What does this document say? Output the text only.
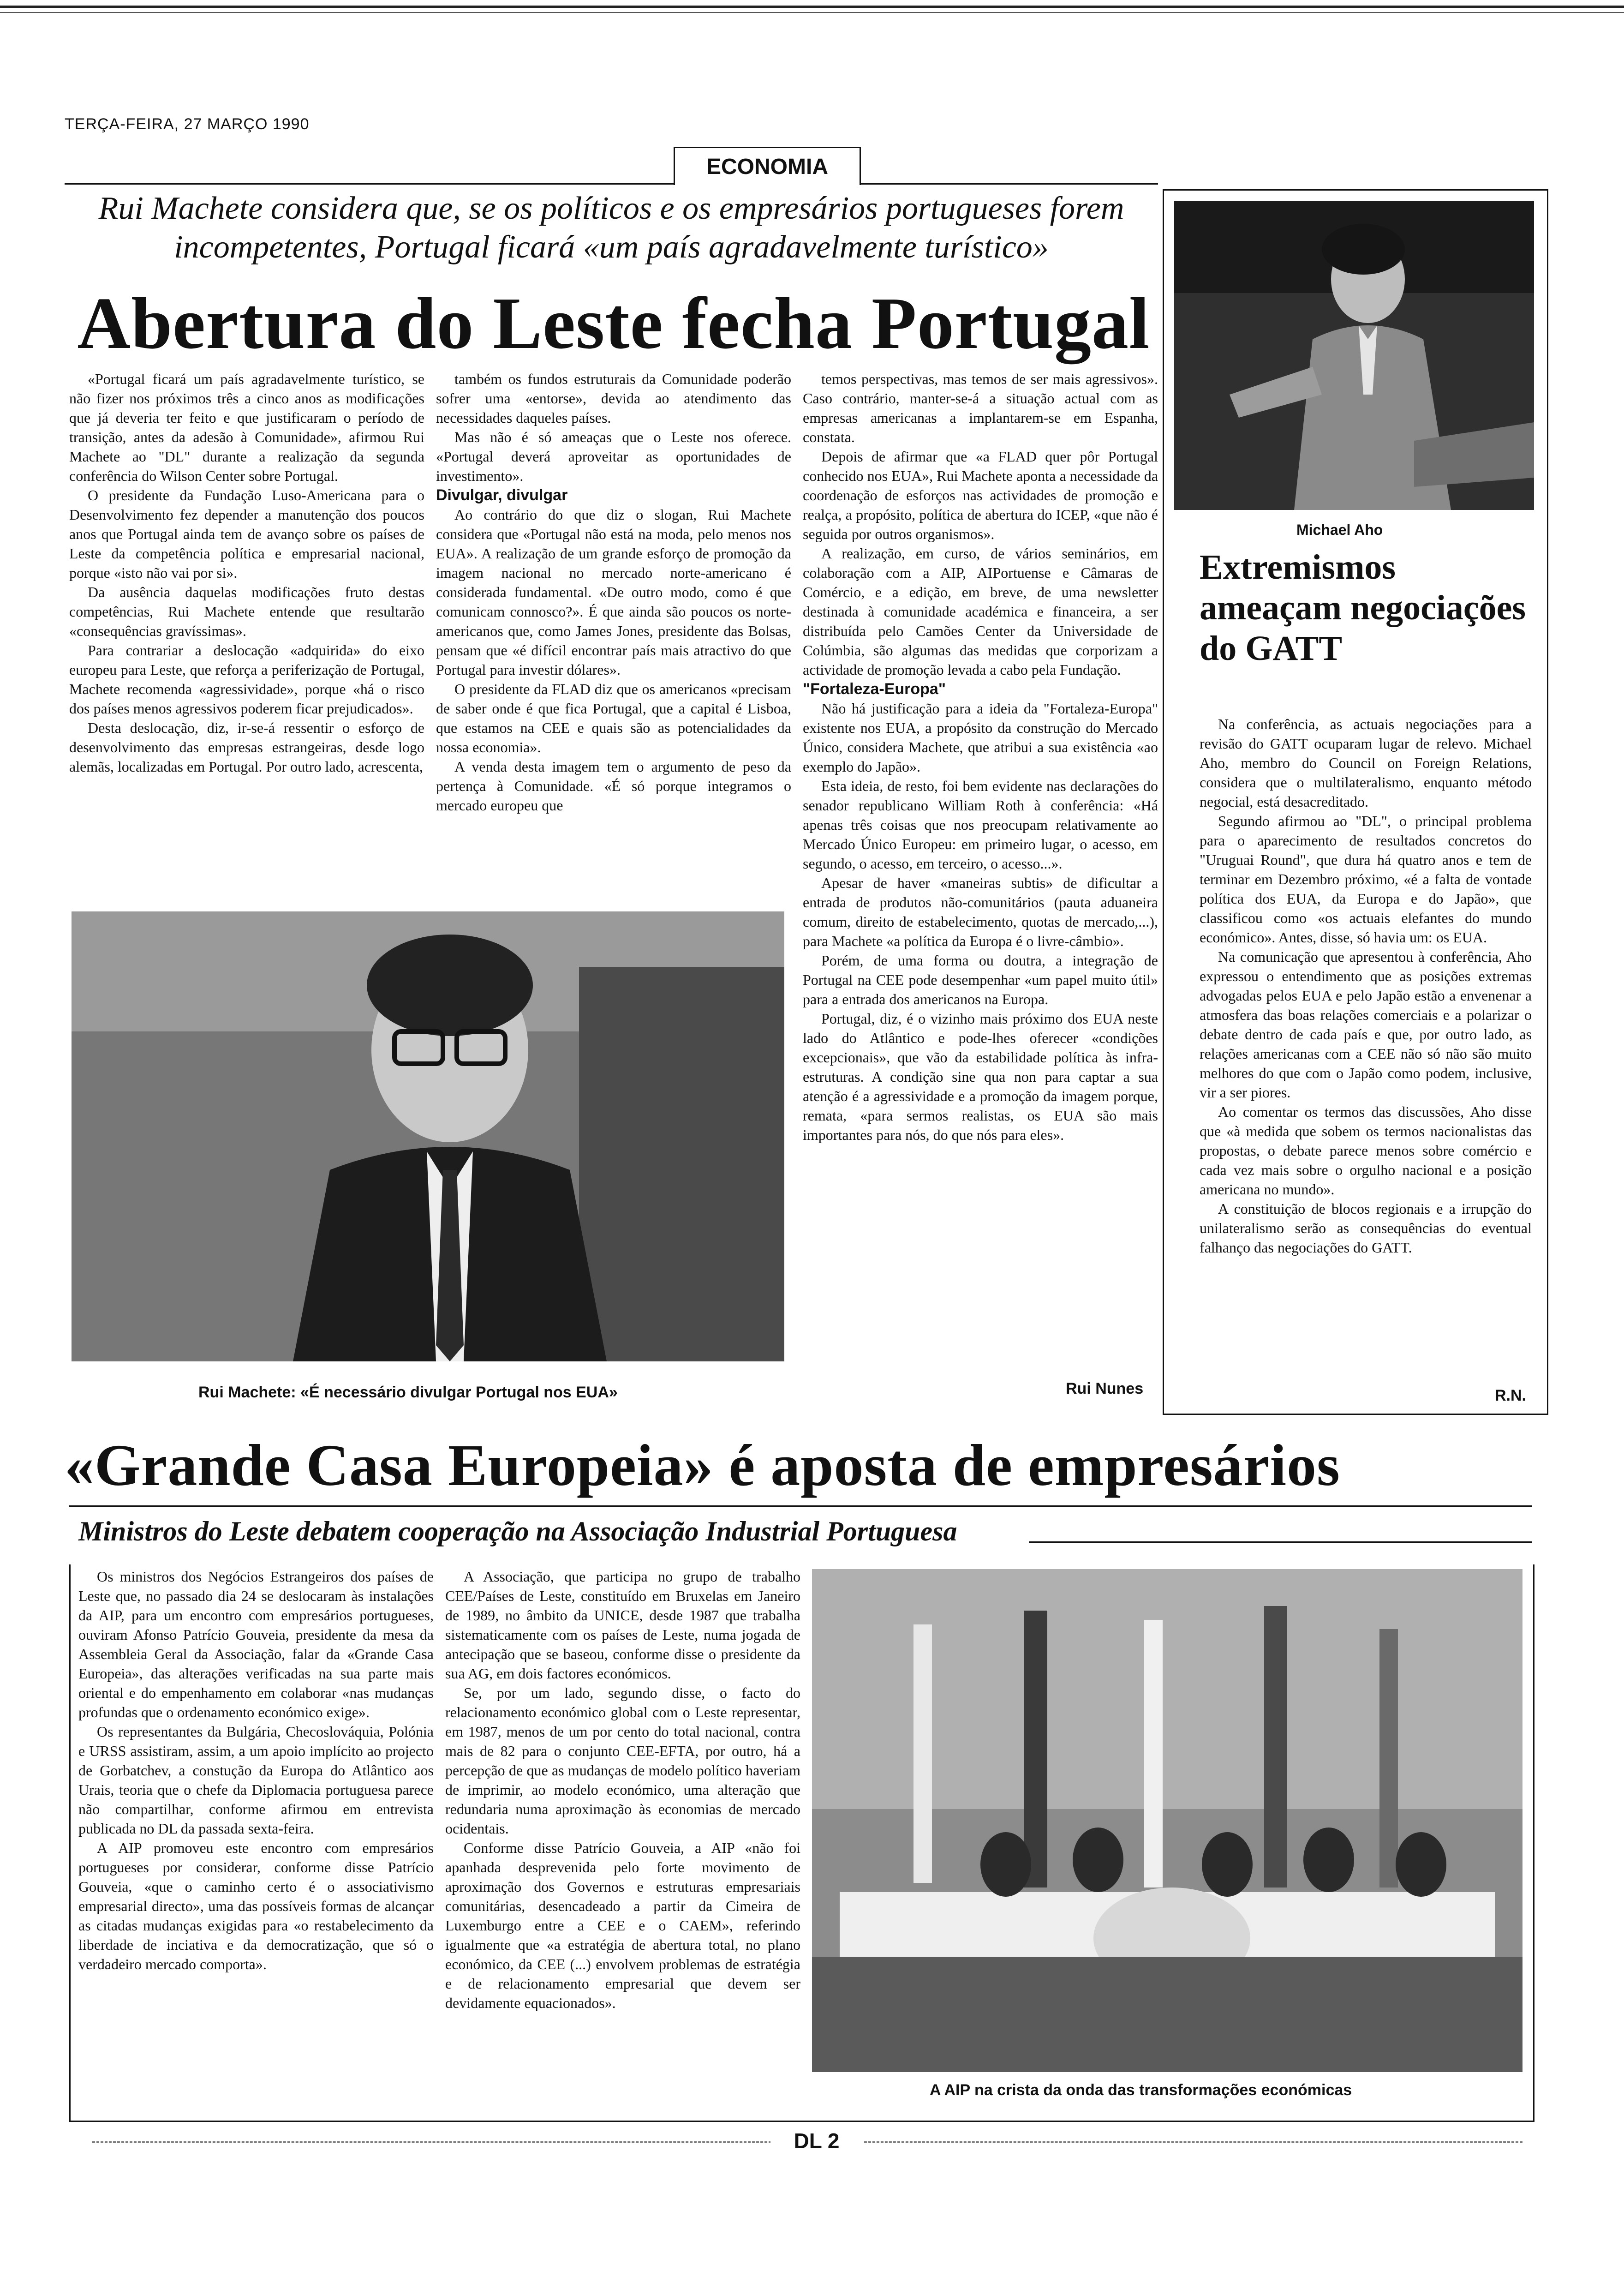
TERÇA-FEIRA, 27 MARÇO 1990
ECONOMIA
Rui Machete considera que, se os políticos e os empresários portugueses forem incompetentes, Portugal ficará «um país agradavelmente turístico»
Abertura do Leste fecha Portugal

«Portugal ficará um país agradavelmente turístico, se não fizer nos próximos três a cinco anos as modificações que já deveria ter feito e que justificaram o período de transição, antes da adesão à Comunidade», afirmou Rui Machete ao "DL" durante a realização da segunda conferência do Wilson Center sobre Portugal.

O presidente da Fundação Luso-Americana para o Desenvolvimento fez depender a manutenção dos poucos anos que Portugal ainda tem de avanço sobre os países de Leste da competência política e empresarial nacional, porque «isto não vai por si».

Da ausência daquelas modificações fruto destas competências, Rui Machete entende que resultarão «consequências gravíssimas».

Para contrariar a deslocação «adquirida» do eixo europeu para Leste, que reforça a periferização de Portugal, Machete recomenda «agressividade», porque «há o risco dos países menos agressivos poderem ficar prejudicados».

Desta deslocação, diz, ir-se-á ressentir o esforço de desenvolvimento das empresas estrangeiras, desde logo alemãs, localizadas em Portugal. Por outro lado, acrescenta,

também os fundos estruturais da Comunidade poderão sofrer uma «entorse», devida ao atendimento das necessidades daqueles países.

Mas não é só ameaças que o Leste nos oferece. «Portugal deverá aproveitar as oportunidades de investimento».

Divulgar, divulgar

Ao contrário do que diz o slogan, Rui Machete considera que «Portugal não está na moda, pelo menos nos EUA». A realização de um grande esforço de promoção da imagem nacional no mercado norte-americano é considerada fundamental. «De outro modo, como é que comunicam connosco?». É que ainda são poucos os norte-americanos que, como James Jones, presidente das Bolsas, pensam que «é difícil encontrar país mais atractivo do que Portugal para investir dólares».

O presidente da FLAD diz que os americanos «precisam de saber onde é que fica Portugal, que a capital é Lisboa, que estamos na CEE e quais são as potencialidades da nossa economia».

A venda desta imagem tem o argumento de peso da pertença à Comunidade. «É só porque integramos o mercado europeu que

temos perspectivas, mas temos de ser mais agressivos». Caso contrário, manter-se-á a situação actual com as empresas americanas a implantarem-se em Espanha, constata.

Depois de afirmar que «a FLAD quer pôr Portugal conhecido nos EUA», Rui Machete aponta a necessidade da coordenação de esforços nas actividades de promoção e realça, a propósito, política de abertura do ICEP, «que não é seguida por outros organismos».

A realização, em curso, de vários seminários, em colaboração com a AIP, AIPortuense e Câmaras de Comércio, e a edição, em breve, de uma newsletter destinada à comunidade académica e financeira, a ser distribuída pelo Camões Center da Universidade de Colúmbia, são algumas das medidas que corporizam a actividade de promoção levada a cabo pela Fundação.

"Fortaleza-Europa"

Não há justificação para a ideia da "Fortaleza-Europa" existente nos EUA, a propósito da construção do Mercado Único, considera Machete, que atribui a sua existência «ao exemplo do Japão».

Esta ideia, de resto, foi bem evidente nas declarações do senador republicano William Roth à conferência: «Há apenas três coisas que nos preocupam relativamente ao Mercado Único Europeu: em primeiro lugar, o acesso, em segundo, o acesso, em terceiro, o acesso...».

Apesar de haver «maneiras subtis» de dificultar a entrada de produtos não-comunitários (pauta aduaneira comum, direito de estabelecimento, quotas de mercado,...), para Machete «a política da Europa é o livre-câmbio».

Porém, de uma forma ou doutra, a integração de Portugal na CEE pode desempenhar «um papel muito útil» para a entrada dos americanos na Europa.

Portugal, diz, é o vizinho mais próximo dos EUA neste lado do Atlântico e pode-lhes oferecer «condições excepcionais», que vão da estabilidade política às infra-estruturas. A condição sine qua non para captar a sua atenção é a agressividade e a promoção da imagem porque, remata, «para sermos realistas, os EUA são mais importantes para nós, do que nós para eles».

Rui Machete: «É necessário divulgar Portugal nos EUA»	Rui Nunes
Michael Aho
Extremismos ameaçam negociações do GATT

Na conferência, as actuais negociações para a revisão do GATT ocuparam lugar de relevo. Michael Aho, membro do Council on Foreign Relations, considera que o multilateralismo, enquanto método negocial, está desacreditado.

Segundo afirmou ao "DL", o principal problema para o aparecimento de resultados concretos do "Uruguai Round", que dura há quatro anos e tem de terminar em Dezembro próximo, «é a falta de vontade política dos EUA, da Europa e do Japão», que classificou como «os actuais elefantes do mundo económico». Antes, disse, só havia um: os EUA.

Na comunicação que apresentou à conferência, Aho expressou o entendimento que as posições extremas advogadas pelos EUA e pelo Japão estão a envenenar a atmosfera das boas relações comerciais e a polarizar o debate dentro de cada país e que, por outro lado, as relações americanas com a CEE não só não são muito melhores do que com o Japão como podem, inclusive, vir a ser piores.

Ao comentar os termos das discussões, Aho disse que «à medida que sobem os termos nacionalistas das propostas, o debate parece menos sobre comércio e cada vez mais sobre o orgulho nacional e a posição americana no mundo».

A constituição de blocos regionais e a irrupção do unilateralismo serão as consequências do eventual falhanço das negociações do GATT.

R.N.
«Grande Casa Europeia» é aposta de empresários
Ministros do Leste debatem cooperação na Associação Industrial Portuguesa

Os ministros dos Negócios Estrangeiros dos países de Leste que, no passado dia 24 se deslocaram às instalações da AIP, para um encontro com empresários portugueses, ouviram Afonso Patrício Gouveia, presidente da mesa da Assembleia Geral da Associação, falar da «Grande Casa Europeia», das alterações verificadas na sua parte mais oriental e do empenhamento em colaborar «nas mudanças profundas que o ordenamento económico exige».

Os representantes da Bulgária, Checoslováquia, Polónia e URSS assistiram, assim, a um apoio implícito ao projecto de Gorbatchev, a constução da Europa do Atlântico aos Urais, teoria que o chefe da Diplomacia portuguesa parece não compartilhar, conforme afirmou em entrevista publicada no DL da passada sexta-feira.

A AIP promoveu este encontro com empresários portugueses por considerar, conforme disse Patrício Gouveia, «que o caminho certo é o associativismo empresarial directo», uma das possíveis formas de alcançar as citadas mudanças exigidas para «o restabelecimento da liberdade de inciativa e da democratização, que só o verdadeiro mercado comporta».

A Associação, que participa no grupo de trabalho CEE/Países de Leste, constituído em Bruxelas em Janeiro de 1989, no âmbito da UNICE, desde 1987 que trabalha sistematicamente com os países de Leste, numa jogada de antecipação que se baseou, conforme disse o presidente da sua AG, em dois factores económicos.

Se, por um lado, segundo disse, o facto do relacionamento económico global com o Leste representar, em 1987, menos de um por cento do total nacional, contra mais de 82 para o conjunto CEE-EFTA, por outro, há a percepção de que as mudanças de modelo político haveriam de imprimir, ao modelo económico, uma alteração que redundaria numa aproximação às economias de mercado ocidentais.

Conforme disse Patrício Gouveia, a AIP «não foi apanhada desprevenida pelo forte movimento de aproximação dos Governos e estruturas empresariais comunitárias, desencadeado a partir da Cimeira de Luxemburgo entre a CEE e o CAEM», referindo igualmente que «a estratégia de abertura total, no plano económico, da CEE (...) envolvem problemas de estratégia e de relacionamento empresarial que devem ser devidamente equacionados».

A AIP na crista da onda das transformações económicas
DL 2
